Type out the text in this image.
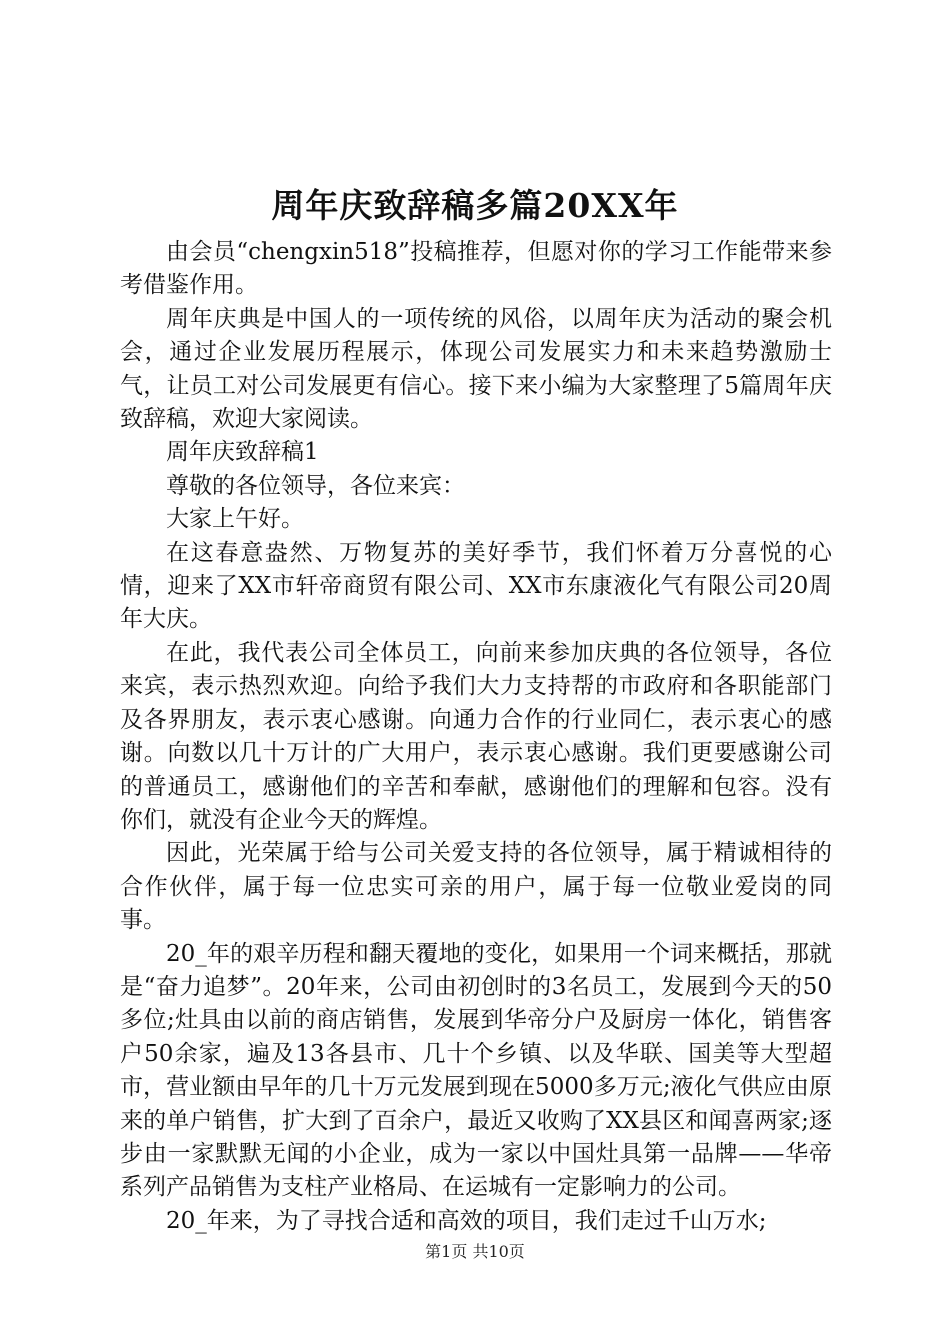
周年庆致辞稿多篇20XX年

由会员“chengxin518”投稿推荐，但愿对你的学习工作能带来参考借鉴作用。

周年庆典是中国人的一项传统的风俗，以周年庆为活动的聚会机会，通过企业发展历程展示，体现公司发展实力和未来趋势激励士气，让员工对公司发展更有信心。接下来小编为大家整理了5篇周年庆致辞稿，欢迎大家阅读。

周年庆致辞稿1

尊敬的各位领导，各位来宾：

大家上午好。

在这春意盎然、万物复苏的美好季节，我们怀着万分喜悦的心情，迎来了XX市轩帝商贸有限公司、XX市东康液化气有限公司20周年大庆。

在此，我代表公司全体员工，向前来参加庆典的各位领导，各位来宾，表示热烈欢迎。向给予我们大力支持帮的市政府和各职能部门及各界朋友，表示衷心感谢。向通力合作的行业同仁，表示衷心的感谢。向数以几十万计的广大用户，表示衷心感谢。我们更要感谢公司的普通员工，感谢他们的辛苦和奉献，感谢他们的理解和包容。没有你们，就没有企业今天的辉煌。

因此，光荣属于给与公司关爱支持的各位领导，属于精诚相待的合作伙伴，属于每一位忠实可亲的用户，属于每一位敬业爱岗的同事。

20_年的艰辛历程和翻天覆地的变化，如果用一个词来概括，那就是“奋力追梦”。20年来，公司由初创时的3名员工，发展到今天的50多位;灶具由以前的商店销售，发展到华帝分户及厨房一体化，销售客户50余家，遍及13各县市、几十个乡镇、以及华联、国美等大型超市，营业额由早年的几十万元发展到现在5000多万元;液化气供应由原来的单户销售，扩大到了百余户，最近又收购了XX县区和闻喜两家;逐步由一家默默无闻的小企业，成为一家以中国灶具第一品牌——华帝系列产品销售为支柱产业格局、在运城有一定影响力的公司。

20_年来，为了寻找合适和高效的项目，我们走过千山万水;

第1页 共10页
